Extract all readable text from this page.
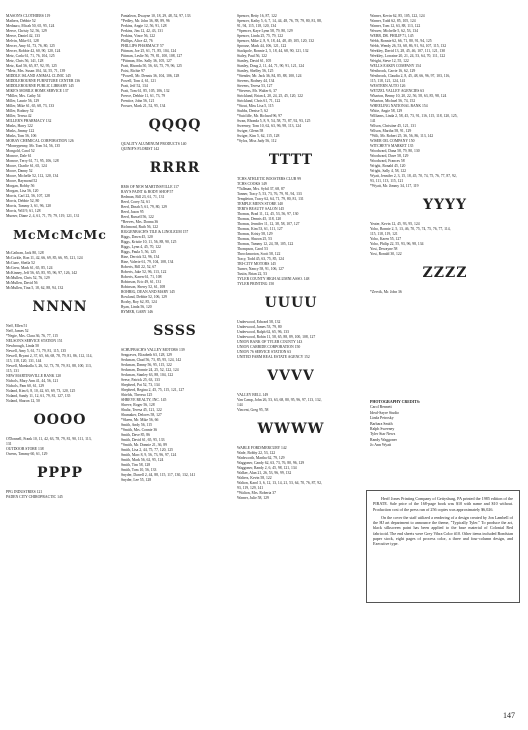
MASON'S CLOTHIERS 119
Mathers, Debbie 52
Medauro, Micah 50, 65, 95, 124
Meece, Christy 52, 56, 129
Meece, Daniel 42, 133
Melvin, Mike 61, 128
Mercer, Amy 61, 73, 76, 80, 125
Mercer, Robbie 42, 60, 90, 120, 124
Metz, Carla 61, 71, 76, 104, 125
Metz, Chris 56, 141, 128
Metz, Karl 56, 65, 87, 92, 95, 125
*Metz, Mrs. Susan 104, 34, 55, 71, 139
MIDDLE ISLAND ANIMAL CLINIC 145
MIDDLEBOURNE FURNITURE CENTER 136
MIDDLEBOURNE PUBLIC LIBRARY 145
MIKE'S MOBILE HOME SERVICE 137
*Miller, Mrs. Cathy 54
Miller, Laurie 56, 129
Miller, Mike 61, 65, 68, 73, 133
Miller, Rodney 52
Miller, Teresa 42
MILLER'S PHARMACY 132
Minks, Harry 122
Minks, Jimmy 122
Minks, Tom 56, 106
MOBAY CHEMICAL CORPORATION 126
*Moneypenny, Mr. Tom 54, 56, 135
Mongold, Carol 52
Monroe, Dale 61
Monroe, Terry 61, 71, 95, 106, 128
Moore, Charlie 61, 65, 124
Moore, Danny 52
Moore, Michelle 52, 112, 120, 134
Moore, Raymond 52
Morgan, Bobby 56
Morgan, Lisa 56, 120
Morris, Carl 22, 56, 107, 128
Morris, Debbie 52, 80
Morris, Tammy 3, 61, 96, 120
Morris, Will 9, 61, 128
Murner, Diane 2, 4, 61, 71, 79, 79, 119, 121, 131
McMcMcMc
McCathran, Jack 80, 128
McCorkle, Ron 11, 42, 66, 69, 85, 66, 95, 121, 124
McCune, Sheila 52
McGrew, Mark 61, 65, 85, 124
McKinney, Jeff 56, 65, 85, 95, 96, 97, 126, 142
McMullen, Chris 52, 76, 129
McMullen, David 56
McMullen, Tina 5, 18, 62, 88, 94, 132
NNNN
Neff, Ellen 51
Neff, James 52
*Negie, Mrs. Clara 36, 76, 77, 115
NELSON'S SERVICE STATION 151
Newbrough, Linda 50
Newell, Amy 5, 61, 71, 79, 81, 115, 135
Newell, Bryant 2, 37, 65, 66, 68, 78, 79, 81, 86, 112, 114,
115, 118, 120, 131, 144
Newell, Marshalla 3, 26, 52, 73, 78, 79, 81, 88, 100, 113,
115, 131
NEW MARTINSVILLE BANK 120
Nichols, Mary Ann 41, 44, 56, 121
Nichols, Pam 60, 61, 129
Noland, Kim 6, 8, 10, 42, 65, 69, 73, 120, 125
Noland, Sandy 11, 12, 61, 79, 81, 127, 135
Noland, Sharon 12, 50
OOOO
O'Donnell, Frank 10, 11, 42, 63, 78, 79, 81, 90, 111, 113,
131
OUTDOOR STORE 138
Owens, Tammy 60, 61, 129
PPPP
PPG INDUSTRIES 121
PADEN CITY CHIROPRACTIC 145
Pantaleon, Dwayne 10, 18, 29, 48, 52, 97, 133
*Pedley, Mr. John 36, 88, 89, 96
Perkins, Angie 12, 56, 91, 128
Perkins, Jim 12, 42, 43, 131
Perkins, Vince 56, 122
Phillips, Alice 42, 76
PHILLIPS PHARMACY 57
Pittman, Joe 25, 61, 71, 85, 104, 124
Pittman, Leslie 56, 79, 81, 100, 108, 127
*Pittman, Mrs. Sally 36, 105, 127
Pratt, Rhonda 50, 56, 63, 75, 79, 96, 125
Poist, Richie 97
*Powell, Mr. Dennis 36, 104, 106, 128
Powell, Tom 4, 61, 121
Pratt, Jeff 52, 134
Pratt, Tom 61, 85, 105, 106, 132
Preece, Debbie 11, 61, 73, 79
Prentice, John 56, 121
Prosser, Mark 21, 52, 95, 134
QQQQ
QUALITY ALUMINUM PRODUCTS 140
QUINIF'S FLORIST 142
RRRR
RMS OF NEW MARTINSVILLE 117
RAY'S PAINT & BODY SHOP 57
Redman, Bill 23, 61, 71, 131
Reed, Corey 52, 61
Reed, Dinah 5, 61, 79, 80, 129
Reed, Jason 95
Reed, Russell 56, 122
*Reeves, Mrs. Donna 36
Richmond, Ruth 56, 122
RIGGENBACH'S TILE & LINOLEUM 157
Riggs, Dawn 45, 120
Riggs, Kristie 10, 11, 56, 88, 90, 125
Riggs, Lynn 4, 45, 70, 122
Riggs, Paula 5, 56, 125
Rine, Derrick 52, 96, 134
Rine, Valerie 61, 79, 104, 108, 134
Roberts, Bill 22, 52, 67
Roberts, Jake 52, 96, 113, 122
Roberts, Karen 61, 71, 108
Robinson, Eric 49, 61, 131
Robinson, Sherry 52, 61, 108
ROHRIG, DEAN AND MARY 145
Rowland, Debbie 52, 106, 129
Roxby, Roy 62, 85, 124
Ryan, Linda 56, 120
RYMER, GARY 146
SSSS
SCHUPBACH'S VALLEY MOTORS 139
Seagraves, Elizabeth 63, 128, 129
Seckman, Chad 56, 73, 85, 95, 124, 142
Seckman, Danny 56, 95, 115, 122
Seckman, Donnie 24, 25, 52, 122, 124
Seckman, Stanley 63, 88, 104, 122
Seese, Patrick 25, 63, 133
Shepherd, Pat 52, 73, 134
Shepherd, Regina 2, 45, 75, 115, 121, 127
Shields, Theresa 125
SHREVE REALTY, INC. 145
Shreve, Roger 56, 128
Shultz, Teresa 45, 121, 122
Shumaker, Delores 58, 127
*Skeen, Mr. Mike 56, 66
Smith, Andy 56, 115
*Smith, Mrs. Connie 36
Smith, Dave 85, 86
Smith, David 61, 65, 95, 133
*Smith, Mr. Donnie 21, 36, 89
Smith, Lisa 2, 44, 75, 77, 120, 125
Smith, Marc 8, 9, 56, 73, 96, 97, 124
Smith, Mark 56, 62, 95, 124
Smith, Tim 58, 128
Smith, Tom 10, 56, 133
Snyder, Darrell 2, 44, 88, 115, 117, 130, 132, 141
Snyder, Lee 55, 128
Spencer, Betty 16, 87, 122
Spencer, Kathy 5, 6, 7, 14, 44, 48, 76, 78, 79, 80, 81, 88,
91, 94, 115, 118, 120, 134
*Spencer, Kaye Lynn 58, 79, 80, 129
Spencer, Linda 25, 75, 79, 122
Spencer, Mike 2, 8, 9, 18, 44, 48, 49, 105, 120, 132
Sprouse, Mark 44, 106, 121, 122
Stackpole, Ronnie 2, 5, 18, 44, 68, 90, 121, 132
Staley, Paul 56, 122
Stanley, David 61, 105
Stanley, Doug 2, 11, 44, 71, 90, 91, 121, 124
Stanley, Shelley 56, 125
*Stender, Mr. Jack 36, 84, 85, 88, 100, 124
Stevens, Rodney 44, 134
Stevens, Teresa 53, 127
*Stevens, Mr. Walter 6, 37
Strickland, Brian 4, 20, 24, 25, 45, 120, 122
Strickland, Chris 61, 71, 122
*Stout, Miss Lisa 5, 115
Stubbs, Denise 5, 62
*Sutcliffe, Mr. Richard 96, 97
Swan, Rhonda 5, 8, 9, 54, 58, 75, 87, 92, 93, 125
Sweeney, Tom 10, 62, 63, 96, 98, 113, 124
Swiger, Glenn 58
Swiger, Kim 5, 62, 115, 128
*Sylos, Miss Judy 56, 112
TTTT
TCHS ATHLETIC BOOSTERS CLUB 99
TCHS COOKS 149
*Tallman, Mrs. Sybil 37, 68, 87
Tanner, Tracy 5, 53, 73, 76, 79, 91, 94, 133
Templeton, Tracy 62, 64, 71, 79, 80, 81, 131
TEMPLE MEN'S STORE 140
TERI'S BEAUTY SALON 145
Thomas, Brad 11, 12, 45, 53, 56, 97, 130
Thomas, Dennis 45, 118, 120
Thomas, Jennifer 11, 12, 38, 58, 107, 127
Thomas, Kim 53, 61, 111, 127
Thomas, Kristy 58, 129
Thomas, Sharon 25, 53
Thomas, Tammy 12, 24, 58, 105, 122
Thompson, Carol 53
Throckmorton, Scott 58, 122
Tracy, Todd 45, 63, 75, 85, 124
TRI-CITY MOTORS 145
Turner, Nancy 58, 91, 106, 127
Tustin, Brian 22, 53
TYLER COUNTY HIGH ALUMNI ASSO. 148
TYLER PRINTING 150
UUUU
Underwood, Edward 58, 132
Underwood, James 53, 79, 80
Underwood, Ralph 62, 65, 96, 133
Underwood, Robin 11, 58, 65, 88, 89, 100, 108, 127
UNION BANK OF TYLER COUNTY 143
UNION CARBIDE CORPORATION 150
UNION 76 SERVICE STATION 63
UNITED FARM REAL ESTATE AGENCY 152
VVVV
VALLEY BELL 149
Van Camp, John 26, 53, 63, 68, 80, 95, 96, 97, 113, 132,
144
Vincent, Greg 95, 58
WWWW
WABLE FORD/MERCURY 142
Wade, Bobby 22, 53, 122
Wadsworth, Martha 62, 79, 129
Waggoner, Candy 62, 63, 73, 76, 80, 96, 129
Waggoner, Randy 2, 6, 45, 98, 121, 134
Walker, Alan 21, 26, 53, 96, 99, 132
Walters, Kevin 58, 122
Walton, Karol 3, 6, 12, 13, 14, 21, 53, 64, 70, 76, 87, 92,
93, 119, 129, 141
*Walton, Mrs. Roberta 37
Warner, Julie 58, 129
Warner, Kevin 62, 85, 105, 122, 124
Warner, Todd 62, 85, 105, 124
Warner, Tom 12, 63, 88, 113, 122
Weaver, Michelle 5, 62, 53, 134
WEBB, DR. PHILIP 71, 145
Webb, Ronnie 62, 66, 71, 80, 91, 94, 125
Webb, Wendy 26, 53, 68, 86, 91, 94, 107, 115, 132
Weekley, David 13, 28, 45, 46, 107, 111, 121, 130
Weekley, Lorraine 20, 21, 24, 53, 64, 70, 111, 122
Weight, Steve 12, 55, 122
WELLS EAKIN COMPANY 154
Westbrook, Carrie 16, 62, 129
Westbrook, Claudia 2, 8, 45, 48, 66, 96, 97, 103, 116,
115, 118, 121, 124, 141
WESTERN AUTO 126
WETZEL VALLEY AGENCIES 63
Wharton, Benny 10, 20, 22, 56, 58, 63, 85, 98, 124
Wharton, Michael 56, 74, 152
WHEELING NATIONAL BANK 154
White, Angie 58, 129
Williams, Linda 2, 58, 45, 73, 91, 116, 115, 118, 120, 125,
141
Wilson, Christine 45, 121, 131
Wilson, Martha 58, 91, 129
*Wilt, Mr. Robert 25, 36, 56, 86, 113, 142
WISER OIL COMPANY 150
WITCHEY'S MARKET 135
Woodward, Dana 58, 79, 80, 130
Woodward, Dave 58, 129
Woodward, Frances 58
Wright, Ronald 45, 120
Wright, Sally 4, 58, 122
Wyatt, Jennifer 2, 3, 15, 18, 45, 70, 74, 75, 76, 77, 87, 92,
93, 111, 113, 115, 121
*Wyatt, Mr. Jimmy 34, 117, 119
YYYY
Yeater, Kevin 12, 45, 93, 95, 124
Yoho, Bonnie 2, 5, 13, 46, 70, 75, 74, 75, 76, 77, 114,
115, 118, 119, 121
Yoho, Karen 55, 127
Yoho, Philip 22, 55, 93, 96, 98, 134
Yost, Dewayne 58
Yost, Ronald 30, 122
ZZZZ
*Zervik, Mr. John 36
PHOTOGRAPHY CREDITS:
Carol Bennett
Ideal-Sayre Studio
Linda Petrosky
Barbara Smith
Ralph Sweeney
Tyler Star News
Randy Waggoner
Jo Ann Wyatt

Herff Jones Printing Company of Gettysburg, PA printed the 1985 edition of the PIRATE. Sale price of the 168-page book was $10 with name and $10 without. Production cost of the press run of 256 copies was approximately $6,026.

On the cover the staff utilized a rendering of a design created by Jon Lambell of the HJ art department to announce the theme, "Typically Tyler." To produce the art, black silkscreen paint has been applied to the base material of Colonial Red fabricoid. The end sheets were Grey Vibra Color #10. Other items included Bondstan paper stock, eight pages of process color, a three and four-column design, and Executive type.

147
